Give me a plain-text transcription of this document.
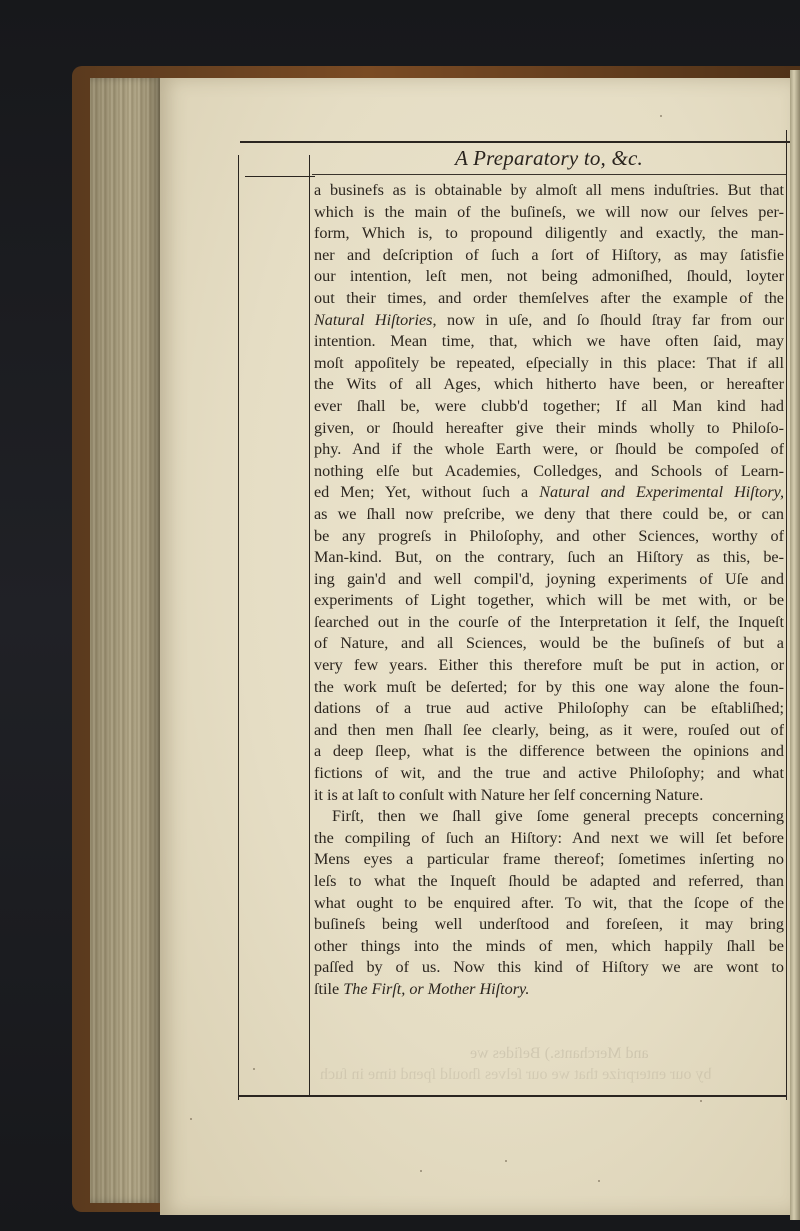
A Preparatory to, &c.
a businefs as is obtainable by almoſt all mens induſtries. But that
which is the main of the buſineſs, we will now our ſelves per-
form, Which is, to propound diligently and exactly, the man-
ner and deſcription of ſuch a ſort of Hiſtory, as may ſatisfie
our intention, leſt men, not being admoniſhed, ſhould, loyter
out their times, and order themſelves after the example of the
Natural Hiſtories, now in uſe, and ſo ſhould ſtray far from our
intention. Mean time, that, which we have often ſaid, may
moſt appoſitely be repeated, eſpecially in this place: That if all
the Wits of all Ages, which hitherto have been, or hereafter
ever ſhall be, were clubb'd together; If all Man kind had
given, or ſhould hereafter give their minds wholly to Philoſo-
phy. And if the whole Earth were, or ſhould be compoſed of
nothing elſe but Academies, Colledges, and Schools of Learn-
ed Men; Yet, without ſuch a Natural and Experimental Hiſtory,
as we ſhall now preſcribe, we deny that there could be, or can
be any progreſs in Philoſophy, and other Sciences, worthy of
Man-kind. But, on the contrary, ſuch an Hiſtory as this, be-
ing gain'd and well compil'd, joyning experiments of Uſe and
experiments of Light together, which will be met with, or be
ſearched out in the courſe of the Interpretation it ſelf, the Inqueſt
of Nature, and all Sciences, would be the buſineſs of but a
very few years. Either this therefore muſt be put in action, or
the work muſt be deſerted; for by this one way alone the foun-
dations of a true aud active Philoſophy can be eſtabliſhed;
and then men ſhall ſee clearly, being, as it were, rouſed out of
a deep ſleep, what is the difference between the opinions and
fictions of wit, and the true and active Philoſophy; and what
it is at laſt to conſult with Nature her ſelf concerning Nature.
Firſt, then we ſhall give ſome general precepts concerning
the compiling of ſuch an Hiſtory: And next we will ſet before
Mens eyes a particular frame thereof; ſometimes inſerting no
leſs to what the Inqueſt ſhould be adapted and referred, than
what ought to be enquired after. To wit, that the ſcope of the
buſineſs being well underſtood and foreſeen, it may bring
other things into the minds of men, which happily ſhall be
paſſed by of us. Now this kind of Hiſtory we are wont to
ſtile The Firſt, or Mother Hiſtory.
and Merchants.) Beſides we
by our enterprize that we our ſelves ſhould ſpend time in ſuch
